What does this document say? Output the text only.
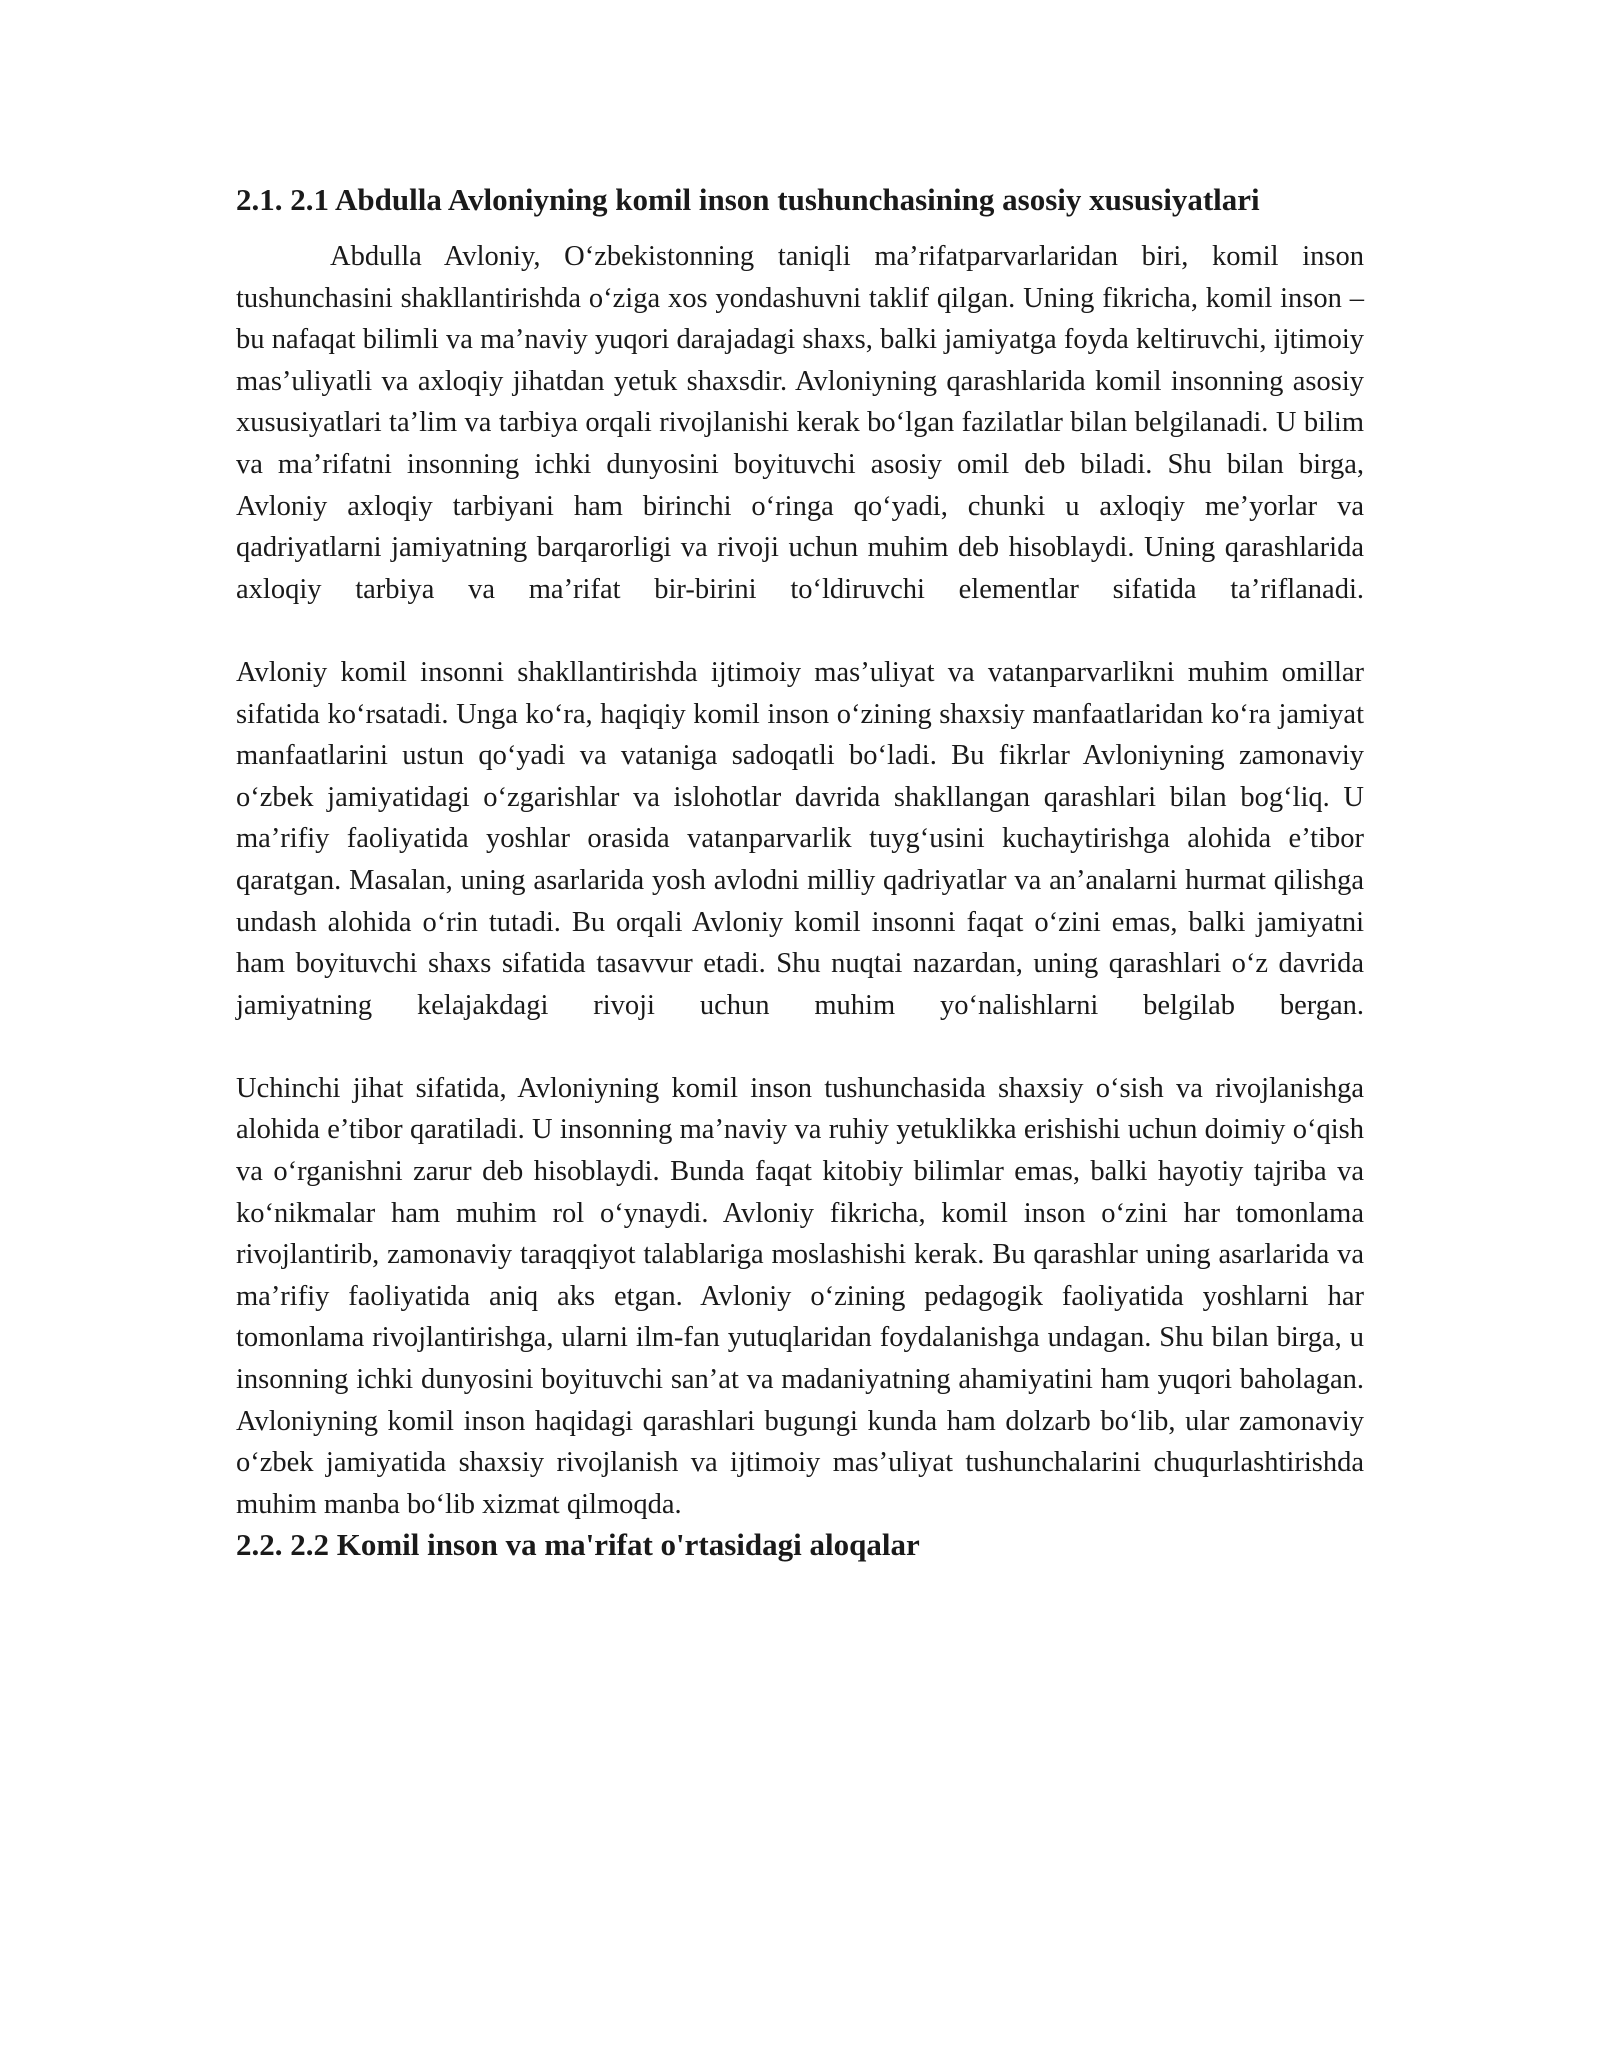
2.1. 2.1 Abdulla Avloniyning komil inson tushunchasining asosiy xususiyatlari

Abdulla Avloniy, O‘zbekistonning taniqli ma’rifatparvarlaridan biri, komil inson tushunchasini shakllantirishda o‘ziga xos yondashuvni taklif qilgan. Uning fikricha, komil inson – bu nafaqat bilimli va ma’naviy yuqori darajadagi shaxs, balki jamiyatga foyda keltiruvchi, ijtimoiy mas’uliyatli va axloqiy jihatdan yetuk shaxsdir. Avloniyning qarashlarida komil insonning asosiy xususiyatlari ta’lim va tarbiya orqali rivojlanishi kerak bo‘lgan fazilatlar bilan belgilanadi. U bilim va ma’rifatni insonning ichki dunyosini boyituvchi asosiy omil deb biladi. Shu bilan birga, Avloniy axloqiy tarbiyani ham birinchi o‘ringa qo‘yadi, chunki u axloqiy me’yorlar va qadriyatlarni jamiyatning barqarorligi va rivoji uchun muhim deb hisoblaydi. Uning qarashlarida axloqiy tarbiya va ma’rifat bir-birini to‘ldiruvchi elementlar sifatida ta’riflanadi.

Avloniy komil insonni shakllantirishda ijtimoiy mas’uliyat va vatanparvarlikni muhim omillar sifatida ko‘rsatadi. Unga ko‘ra, haqiqiy komil inson o‘zining shaxsiy manfaatlaridan ko‘ra jamiyat manfaatlarini ustun qo‘yadi va vataniga sadoqatli bo‘ladi. Bu fikrlar Avloniyning zamonaviy o‘zbek jamiyatidagi o‘zgarishlar va islohotlar davrida shakllangan qarashlari bilan bog‘liq. U ma’rifiy faoliyatida yoshlar orasida vatanparvarlik tuyg‘usini kuchaytirishga alohida e’tibor qaratgan. Masalan, uning asarlarida yosh avlodni milliy qadriyatlar va an’analarni hurmat qilishga undash alohida o‘rin tutadi. Bu orqali Avloniy komil insonni faqat o‘zini emas, balki jamiyatni ham boyituvchi shaxs sifatida tasavvur etadi. Shu nuqtai nazardan, uning qarashlari o‘z davrida jamiyatning kelajakdagi rivoji uchun muhim yo‘nalishlarni belgilab bergan.

Uchinchi jihat sifatida, Avloniyning komil inson tushunchasida shaxsiy o‘sish va rivojlanishga alohida e’tibor qaratiladi. U insonning ma’naviy va ruhiy yetuklikka erishishi uchun doimiy o‘qish va o‘rganishni zarur deb hisoblaydi. Bunda faqat kitobiy bilimlar emas, balki hayotiy tajriba va ko‘nikmalar ham muhim rol o‘ynaydi. Avloniy fikricha, komil inson o‘zini har tomonlama rivojlantirib, zamonaviy taraqqiyot talablariga moslashishi kerak. Bu qarashlar uning asarlarida va ma’rifiy faoliyatida aniq aks etgan. Avloniy o‘zining pedagogik faoliyatida yoshlarni har tomonlama rivojlantirishga, ularni ilm-fan yutuqlaridan foydalanishga undagan. Shu bilan birga, u insonning ichki dunyosini boyituvchi san’at va madaniyatning ahamiyatini ham yuqori baholagan. Avloniyning komil inson haqidagi qarashlari bugungi kunda ham dolzarb bo‘lib, ular zamonaviy o‘zbek jamiyatida shaxsiy rivojlanish va ijtimoiy mas’uliyat tushunchalarini chuqurlashtirishda muhim manba bo‘lib xizmat qilmoqda.

2.2. 2.2 Komil inson va ma'rifat o'rtasidagi aloqalar
